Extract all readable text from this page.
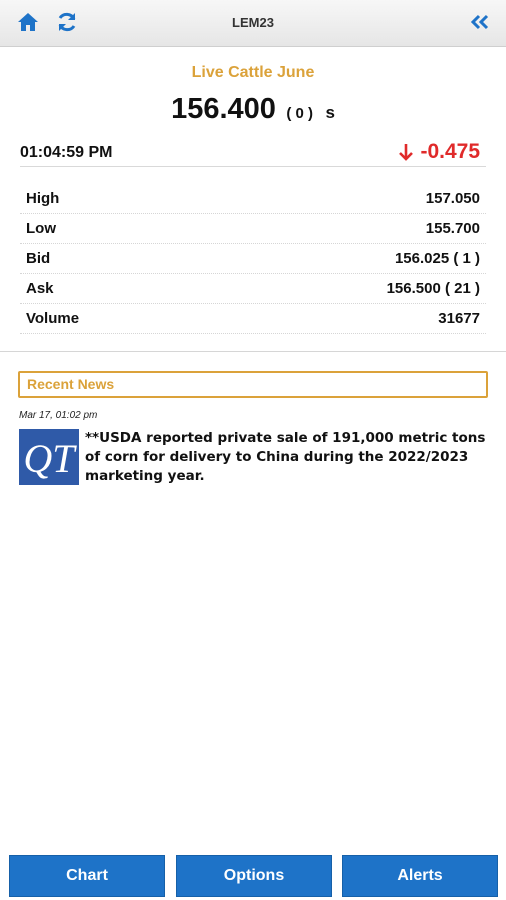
LEM23
Live Cattle June
156.400 ( 0 ) s
01:04:59 PM	-0.475
High	157.050
Low	155.700
Bid	156.025 ( 1 )
Ask	156.500 ( 21 )
Volume	31677
Recent News
Mar 17, 01:02 pm
QT **USDA reported private sale of 191,000 metric tons of corn for delivery to China during the 2022/2023 marketing year.
Chart	Options	Alerts
